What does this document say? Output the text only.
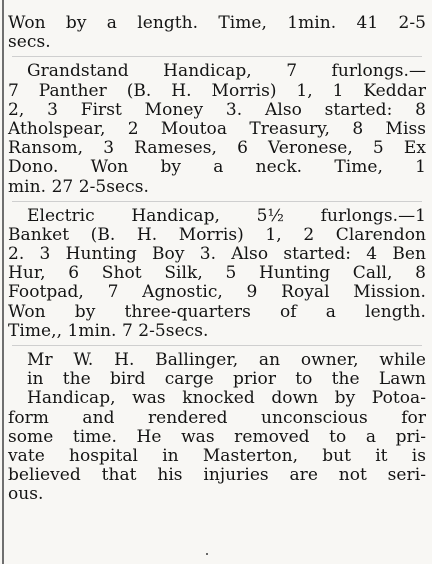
Won by a length. Time, 1min. 41 2-5
secs.
Grandstand Handicap, 7 furlongs.—
7 Panther (B. H. Morris) 1, 1 Keddar
2, 3 First Money 3. Also started: 8
Atholspear, 2 Moutoa Treasury, 8 Miss
Ransom, 3 Rameses, 6 Veronese, 5 Ex
Dono. Won by a neck. Time, 1
min. 27 2-5secs.
Electric Handicap, 5½ furlongs.—1
Banket (B. H. Morris) 1, 2 Clarendon
2. 3 Hunting Boy 3. Also started: 4 Ben
Hur, 6 Shot Silk, 5 Hunting Call, 8
Footpad, 7 Agnostic, 9 Royal Mission.
Won by three-quarters of a length.
Time,, 1min. 7 2-5secs.
Mr W. H. Ballinger, an owner, while
in the bird carge prior to the Lawn
Handicap, was knocked down by Potoa-
form and rendered unconscious for
some time. He was removed to a pri-
vate hospital in Masterton, but it is
believed that his injuries are not seri-
ous.
